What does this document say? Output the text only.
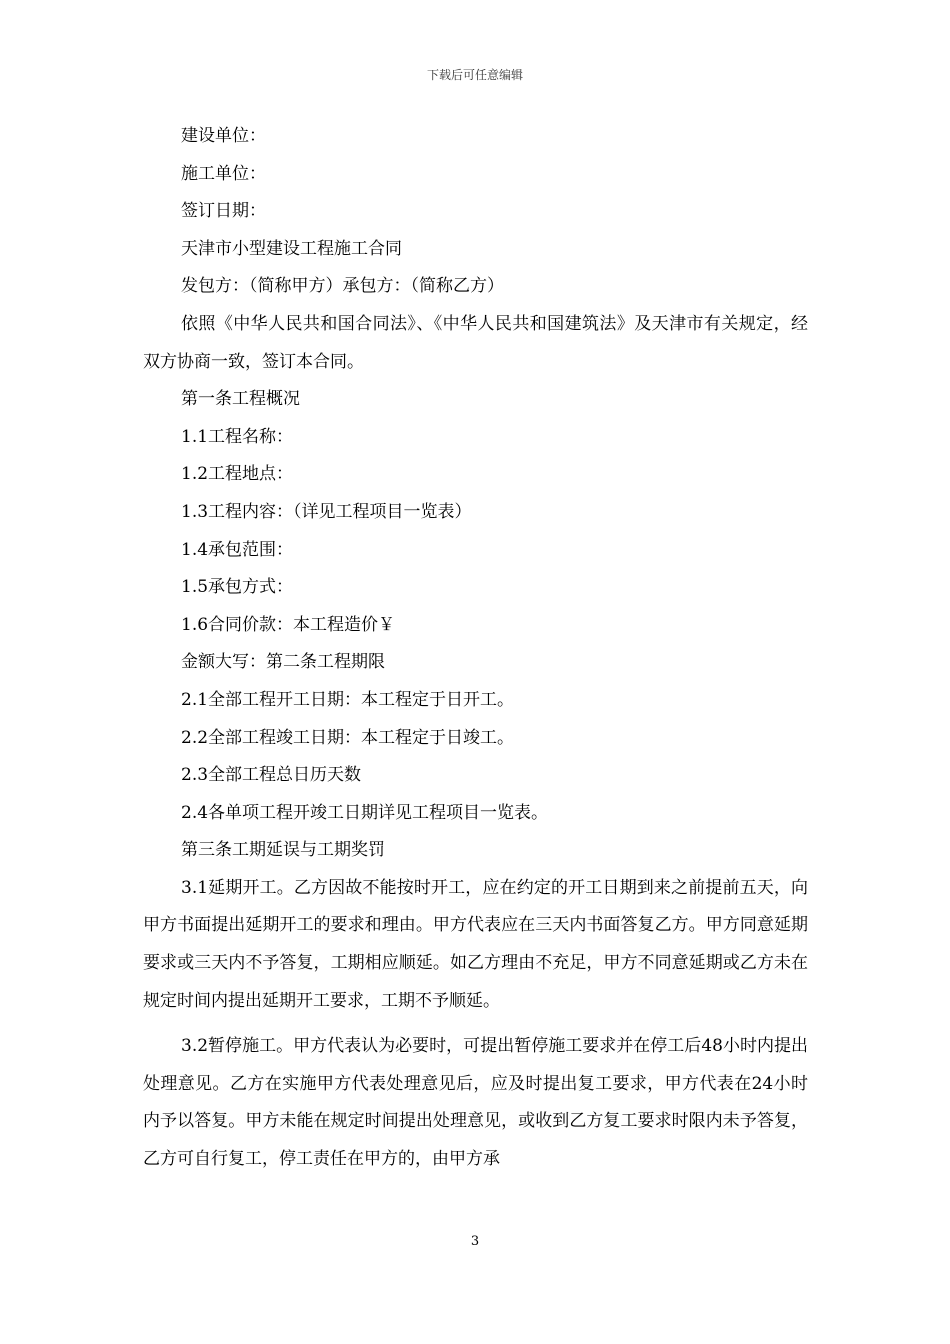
下载后可任意编辑
建设单位：
施工单位：
签订日期：
天津市小型建设工程施工合同
发包方：（简称甲方）承包方：（简称乙方）

依照《中华人民共和国合同法》、《中华人民共和国建筑法》及天津市有关规定，经双方协商一致，签订本合同。

第一条工程概况
1.1工程名称：
1.2工程地点：
1.3工程内容：（详见工程项目一览表）
1.4承包范围：
1.5承包方式：
1.6合同价款：本工程造价￥
金额大写：第二条工程期限
2.1全部工程开工日期：本工程定于日开工。
2.2全部工程竣工日期：本工程定于日竣工。
2.3全部工程总日历天数
2.4各单项工程开竣工日期详见工程项目一览表。
第三条工期延误与工期奖罚

3.1延期开工。乙方因故不能按时开工，应在约定的开工日期到来之前提前五天，向甲方书面提出延期开工的要求和理由。甲方代表应在三天内书面答复乙方。甲方同意延期要求或三天内不予答复，工期相应顺延。如乙方理由不充足，甲方不同意延期或乙方未在规定时间内提出延期开工要求，工期不予顺延。

3.2暂停施工。甲方代表认为必要时，可提出暂停施工要求并在停工后48小时内提出处理意见。乙方在实施甲方代表处理意见后，应及时提出复工要求，甲方代表在24小时内予以答复。甲方未能在规定时间提出处理意见，或收到乙方复工要求时限内未予答复，乙方可自行复工，停工责任在甲方的，由甲方承

3
